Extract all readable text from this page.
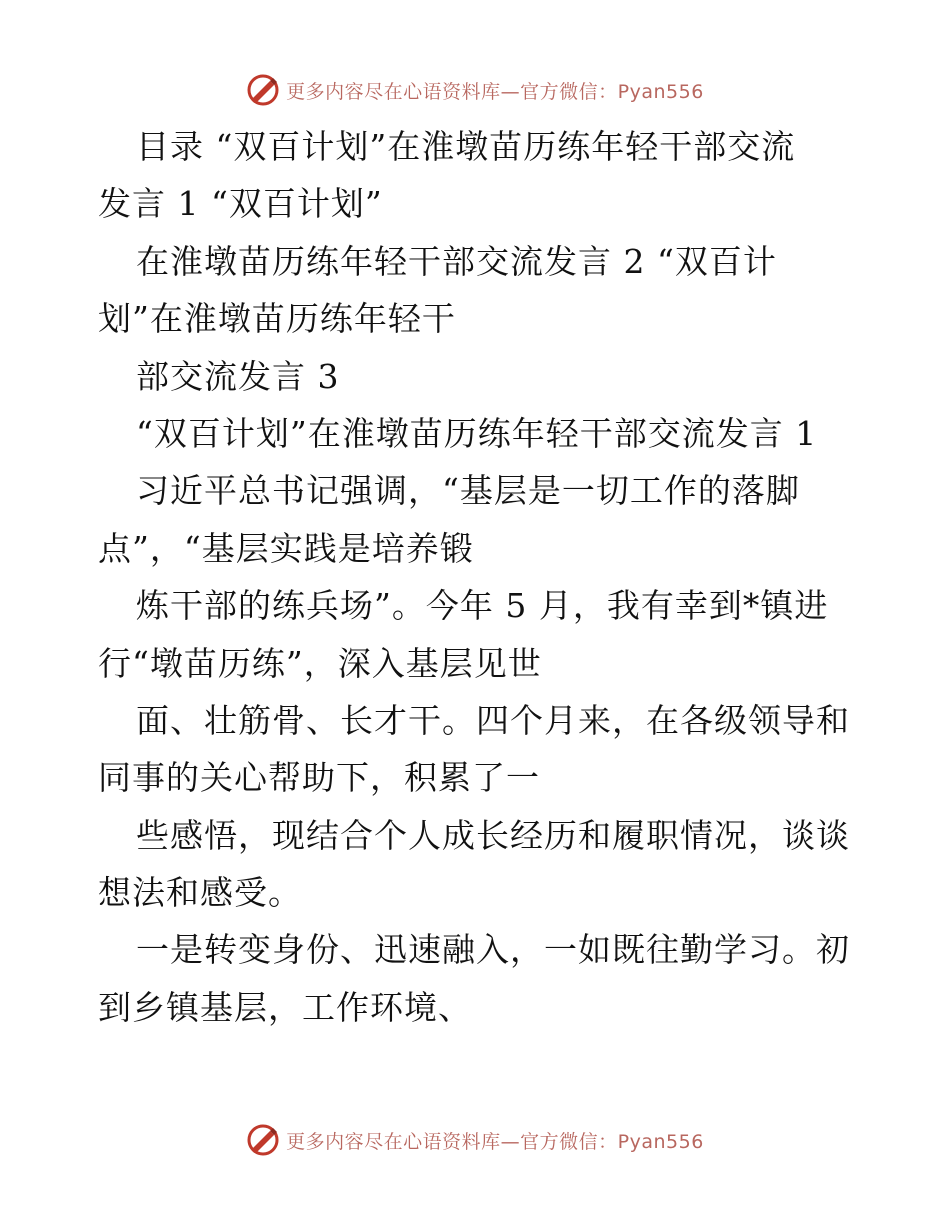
更多内容尽在心语资料库—官方微信：Pyan556
目录 “双百计划”在淮墩苗历练年轻干部交流
发言 1 “双百计划”
在淮墩苗历练年轻干部交流发言 2 “双百计
划”在淮墩苗历练年轻干
部交流发言 3
“双百计划”在淮墩苗历练年轻干部交流发言 1
习近平总书记强调，“基层是一切工作的落脚
点”，“基层实践是培养锻
炼干部的练兵场”。今年 5 月，我有幸到*镇进
行“墩苗历练”，深入基层见世
面、壮筋骨、长才干。四个月来，在各级领导和
同事的关心帮助下，积累了一
些感悟，现结合个人成长经历和履职情况，谈谈
想法和感受。
一是转变身份、迅速融入，一如既往勤学习。初
到乡镇基层，工作环境、
更多内容尽在心语资料库—官方微信：Pyan556
